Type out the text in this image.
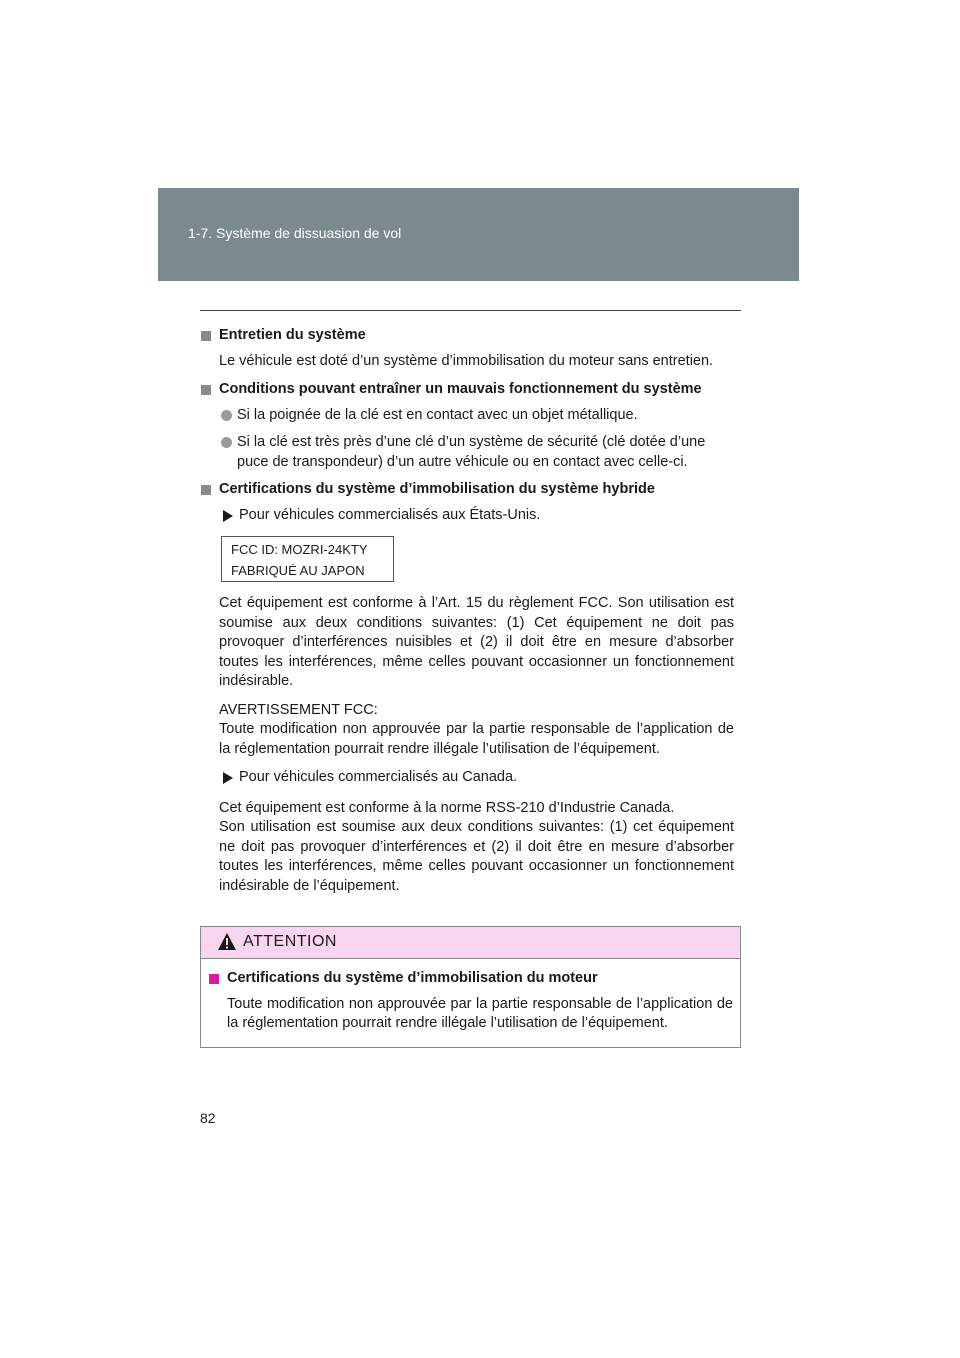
1-7. Système de dissuasion de vol
Entretien du système
Le véhicule est doté d’un système d’immobilisation du moteur sans entretien.
Conditions pouvant entraîner un mauvais fonctionnement du système
Si la poignée de la clé est en contact avec un objet métallique.
Si la clé est très près d’une clé d’un système de sécurité (clé dotée d’une puce de transpondeur) d’un autre véhicule ou en contact avec celle-ci.
Certifications du système d’immobilisation du système hybride
Pour véhicules commercialisés aux États-Unis.
FCC ID: MOZRI-24KTY
FABRIQUÉ AU JAPON
Cet équipement est conforme à l’Art. 15 du règlement FCC. Son utilisation est soumise aux deux conditions suivantes: (1) Cet équipement ne doit pas provoquer d’interférences nuisibles et (2) il doit être en mesure d’absorber toutes les interférences, même celles pouvant occasionner un fonctionnement indésirable.
AVERTISSEMENT FCC:
Toute modification non approuvée par la partie responsable de l’application de la réglementation pourrait rendre illégale l’utilisation de l’équipement.
Pour véhicules commercialisés au Canada.
Cet équipement est conforme à la norme RSS-210 d’Industrie Canada.
Son utilisation est soumise aux deux conditions suivantes: (1) cet équipement ne doit pas provoquer d’interférences et (2) il doit être en mesure d’absorber toutes les interférences, même celles pouvant occasionner un fonctionnement indésirable de l’équipement.
ATTENTION
Certifications du système d’immobilisation du moteur
Toute modification non approuvée par la partie responsable de l’application de la réglementation pourrait rendre illégale l’utilisation de l’équipement.
82
